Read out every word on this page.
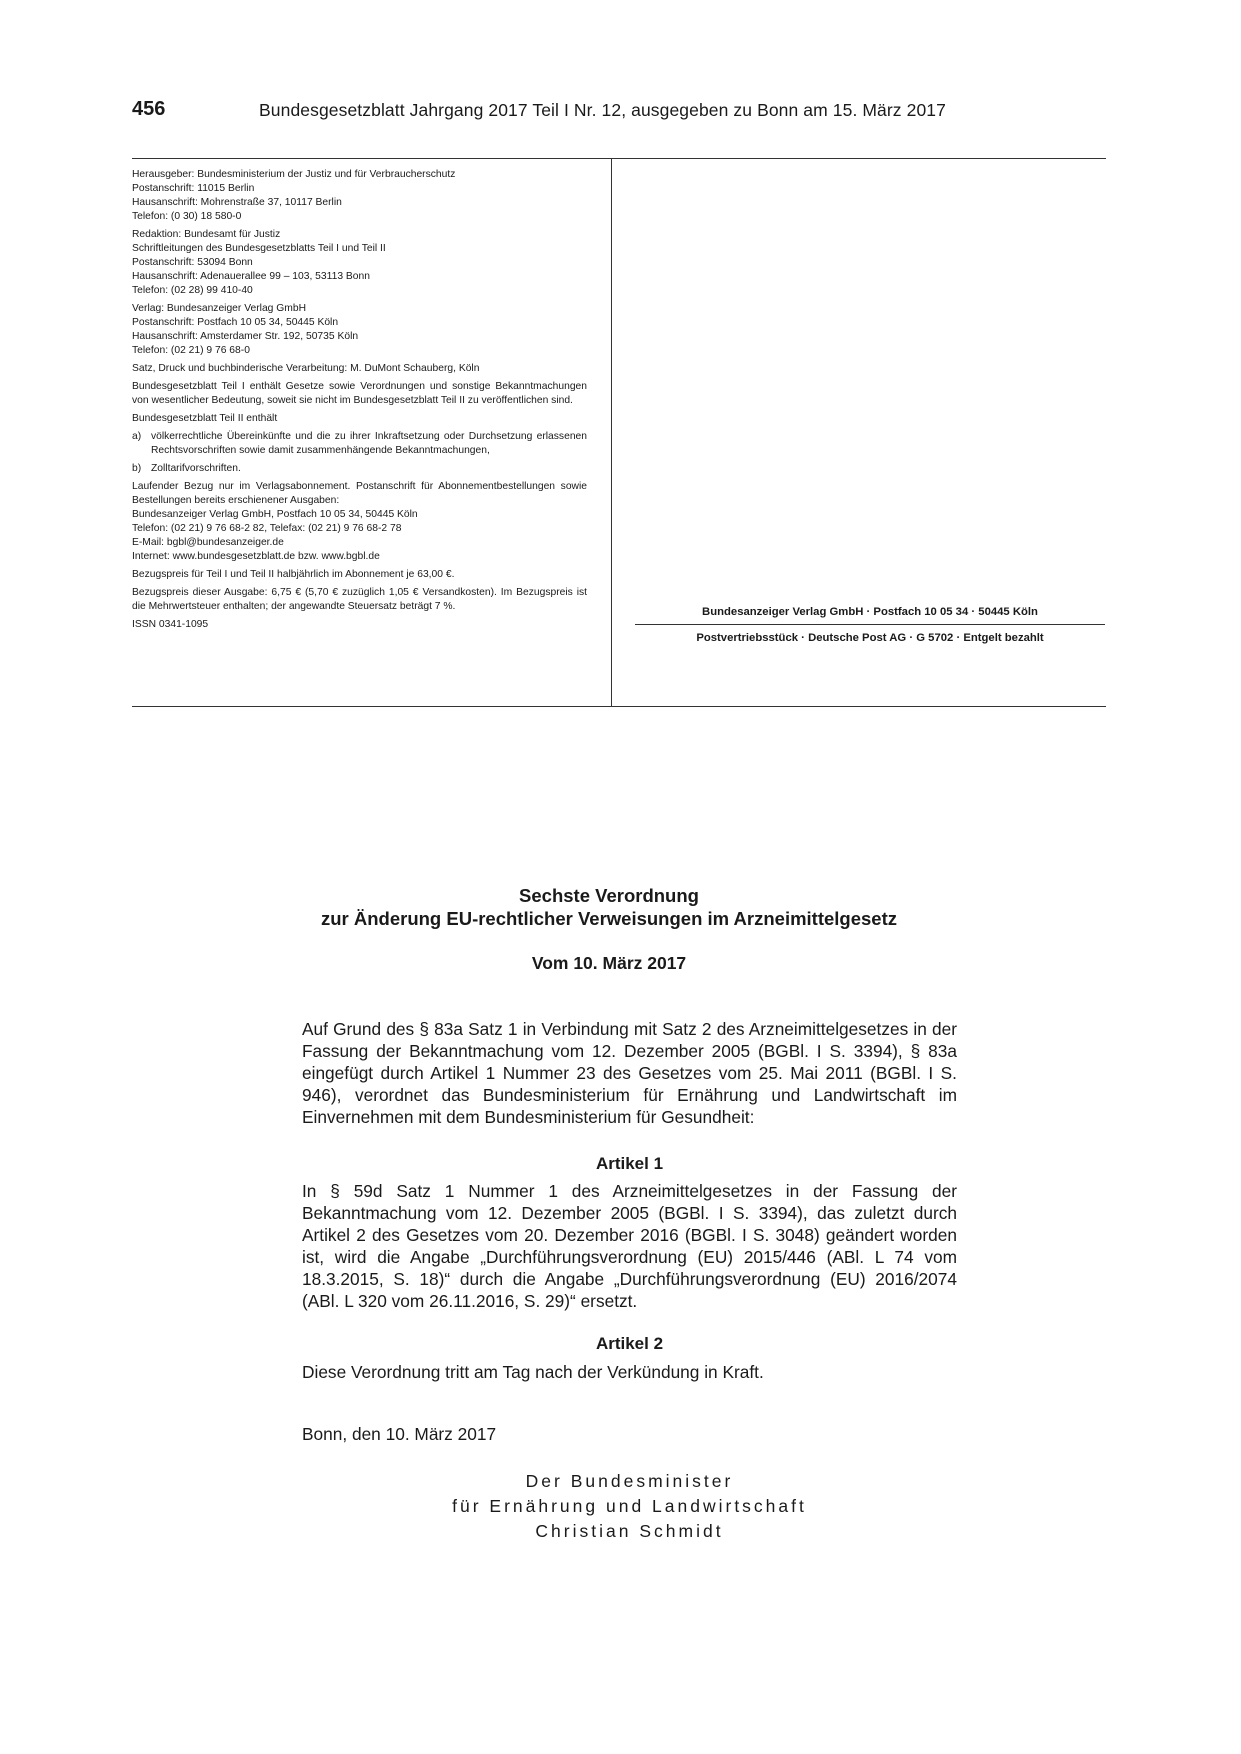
456	Bundesgesetzblatt Jahrgang 2017 Teil I Nr. 12, ausgegeben zu Bonn am 15. März 2017
Herausgeber: Bundesministerium der Justiz und für Verbraucherschutz
Postanschrift: 11015 Berlin
Hausanschrift: Mohrenstraße 37, 10117 Berlin
Telefon: (0 30) 18 580-0
Redaktion: Bundesamt für Justiz
Schriftleitungen des Bundesgesetzblatts Teil I und Teil II
Postanschrift: 53094 Bonn
Hausanschrift: Adenauerallee 99 – 103, 53113 Bonn
Telefon: (02 28) 99 410-40
Verlag: Bundesanzeiger Verlag GmbH
Postanschrift: Postfach 10 05 34, 50445 Köln
Hausanschrift: Amsterdamer Str. 192, 50735 Köln
Telefon: (02 21) 9 76 68-0
Satz, Druck und buchbinderische Verarbeitung: M. DuMont Schauberg, Köln
Bundesgesetzblatt Teil I enthält Gesetze sowie Verordnungen und sonstige Bekanntmachungen von wesentlicher Bedeutung, soweit sie nicht im Bundesgesetzblatt Teil II zu veröffentlichen sind.
Bundesgesetzblatt Teil II enthält
a) völkerrechtliche Übereinkünfte und die zu ihrer Inkraftsetzung oder Durchsetzung erlassenen Rechtsvorschriften sowie damit zusammenhängende Bekanntmachungen,
b) Zolltarifvorschriften.
Laufender Bezug nur im Verlagsabonnement. Postanschrift für Abonnementbestellungen sowie Bestellungen bereits erschienener Ausgaben:
Bundesanzeiger Verlag GmbH, Postfach 10 05 34, 50445 Köln
Telefon: (02 21) 9 76 68-2 82, Telefax: (02 21) 9 76 68-2 78
E-Mail: bgbl@bundesanzeiger.de
Internet: www.bundesgesetzblatt.de bzw. www.bgbl.de
Bezugspreis für Teil I und Teil II halbjährlich im Abonnement je 63,00 €.
Bezugspreis dieser Ausgabe: 6,75 € (5,70 € zuzüglich 1,05 € Versandkosten). Im Bezugspreis ist die Mehrwertsteuer enthalten; der angewandte Steuersatz beträgt 7 %.
ISSN 0341-1095
Bundesanzeiger Verlag GmbH · Postfach 10 05 34 · 50445 Köln
Postvertriebsstück · Deutsche Post AG · G 5702 · Entgelt bezahlt
Sechste Verordnung
zur Änderung EU-rechtlicher Verweisungen im Arzneimittelgesetz
Vom 10. März 2017
Auf Grund des § 83a Satz 1 in Verbindung mit Satz 2 des Arzneimittelgesetzes in der Fassung der Bekanntmachung vom 12. Dezember 2005 (BGBl. I S. 3394), § 83a eingefügt durch Artikel 1 Nummer 23 des Gesetzes vom 25. Mai 2011 (BGBl. I S. 946), verordnet das Bundesministerium für Ernährung und Landwirtschaft im Einvernehmen mit dem Bundesministerium für Gesundheit:
Artikel 1
In § 59d Satz 1 Nummer 1 des Arzneimittelgesetzes in der Fassung der Bekanntmachung vom 12. Dezember 2005 (BGBl. I S. 3394), das zuletzt durch Artikel 2 des Gesetzes vom 20. Dezember 2016 (BGBl. I S. 3048) geändert worden ist, wird die Angabe „Durchführungsverordnung (EU) 2015/446 (ABl. L 74 vom 18.3.2015, S. 18)“ durch die Angabe „Durchführungsverordnung (EU) 2016/2074 (ABl. L 320 vom 26.11.2016, S. 29)“ ersetzt.
Artikel 2
Diese Verordnung tritt am Tag nach der Verkündung in Kraft.
Bonn, den 10. März 2017
Der Bundesminister
für Ernährung und Landwirtschaft
Christian Schmidt
